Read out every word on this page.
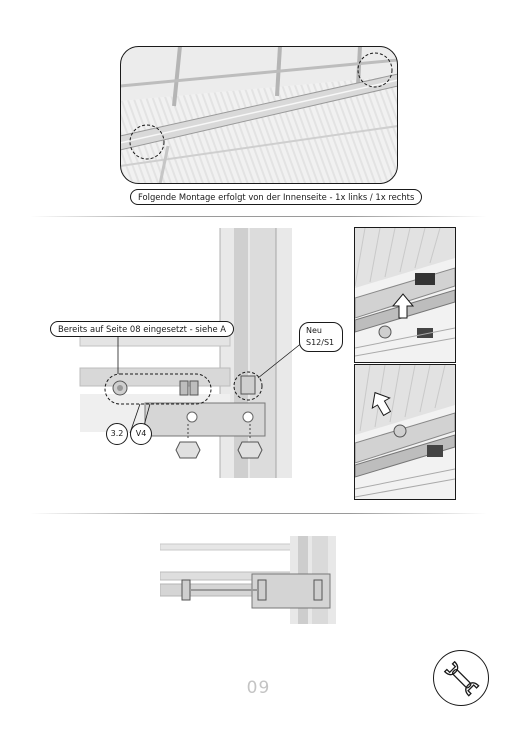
Folgende Montage erfolgt von der Innenseite - 1x links / 1x rechts
Bereits auf Seite 08 eingesetzt - siehe A	Neu
S12/S1
3.2	V4
09
